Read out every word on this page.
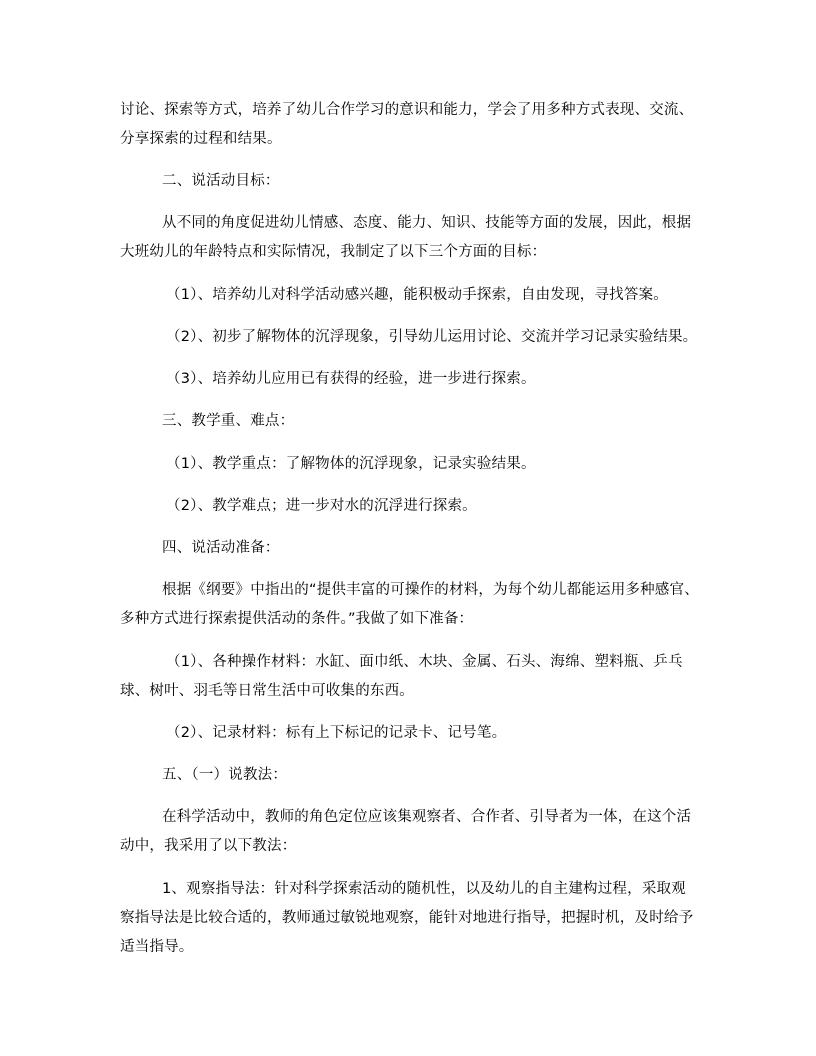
讨论、探索等方式，培养了幼儿合作学习的意识和能力，学会了用多种方式表现、交流、
分享探索的过程和结果。
二、说活动目标：
从不同的角度促进幼儿情感、态度、能力、知识、技能等方面的发展，因此，根据
大班幼儿的年龄特点和实际情况，我制定了以下三个方面的目标：
（1）、培养幼儿对科学活动感兴趣，能积极动手探索，自由发现，寻找答案。
（2）、初步了解物体的沉浮现象，引导幼儿运用讨论、交流并学习记录实验结果。
（3）、培养幼儿应用已有获得的经验，进一步进行探索。
三、教学重、难点：
（1）、教学重点：了解物体的沉浮现象，记录实验结果。
（2）、教学难点；进一步对水的沉浮进行探索。
四、说活动准备：
根据《纲要》中指出的“提供丰富的可操作的材料，为每个幼儿都能运用多种感官、
多种方式进行探索提供活动的条件。”我做了如下准备：
（1）、各种操作材料：水缸、面巾纸、木块、金属、石头、海绵、塑料瓶、乒乓
球、树叶、羽毛等日常生活中可收集的东西。
（2）、记录材料：标有上下标记的记录卡、记号笔。
五、（一）说教法：
在科学活动中，教师的角色定位应该集观察者、合作者、引导者为一体，在这个活
动中，我采用了以下教法：
1、观察指导法：针对科学探索活动的随机性，以及幼儿的自主建构过程，采取观
察指导法是比较合适的，教师通过敏锐地观察，能针对地进行指导，把握时机，及时给予
适当指导。
